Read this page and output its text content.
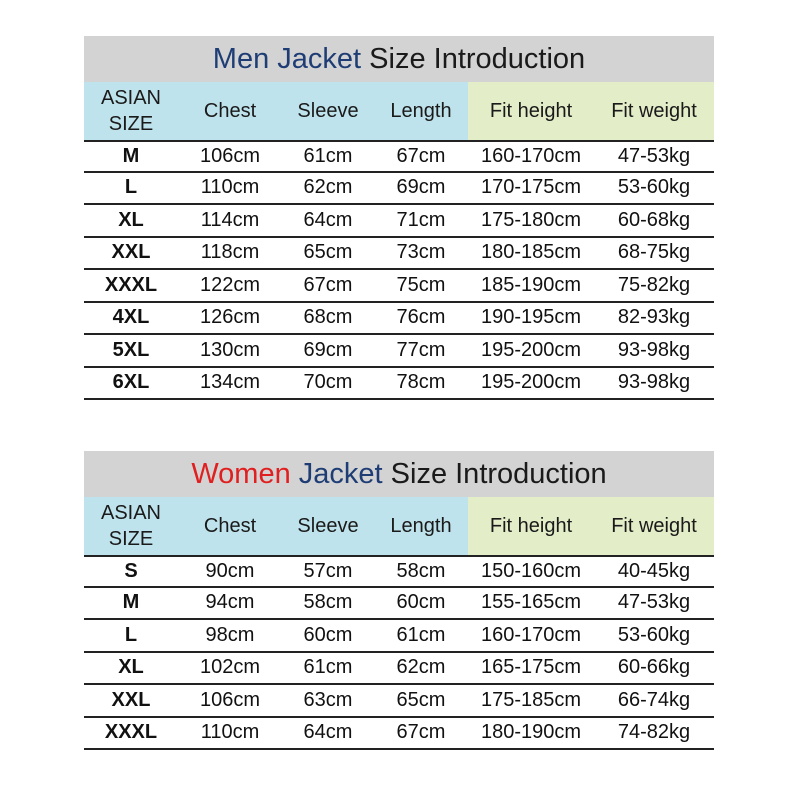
Men
Jacket
Size Introduction
ASIAN
SIZE
Chest	Sleeve	Length	Fit height	Fit weight
M	106cm	61cm	67cm	160-170cm	47-53kg
L	110cm	62cm	69cm	170-175cm	53-60kg
XL	114cm	64cm	71cm	175-180cm	60-68kg
XXL	118cm	65cm	73cm	180-185cm	68-75kg
XXXL	122cm	67cm	75cm	185-190cm	75-82kg
4XL	126cm	68cm	76cm	190-195cm	82-93kg
5XL	130cm	69cm	77cm	195-200cm	93-98kg
6XL	134cm	70cm	78cm	195-200cm	93-98kg
Women
Jacket
Size Introduction
ASIAN
SIZE
Chest	Sleeve	Length	Fit height	Fit weight
S	90cm	57cm	58cm	150-160cm	40-45kg
M	94cm	58cm	60cm	155-165cm	47-53kg
L	98cm	60cm	61cm	160-170cm	53-60kg
XL	102cm	61cm	62cm	165-175cm	60-66kg
XXL	106cm	63cm	65cm	175-185cm	66-74kg
XXXL	110cm	64cm	67cm	180-190cm	74-82kg
